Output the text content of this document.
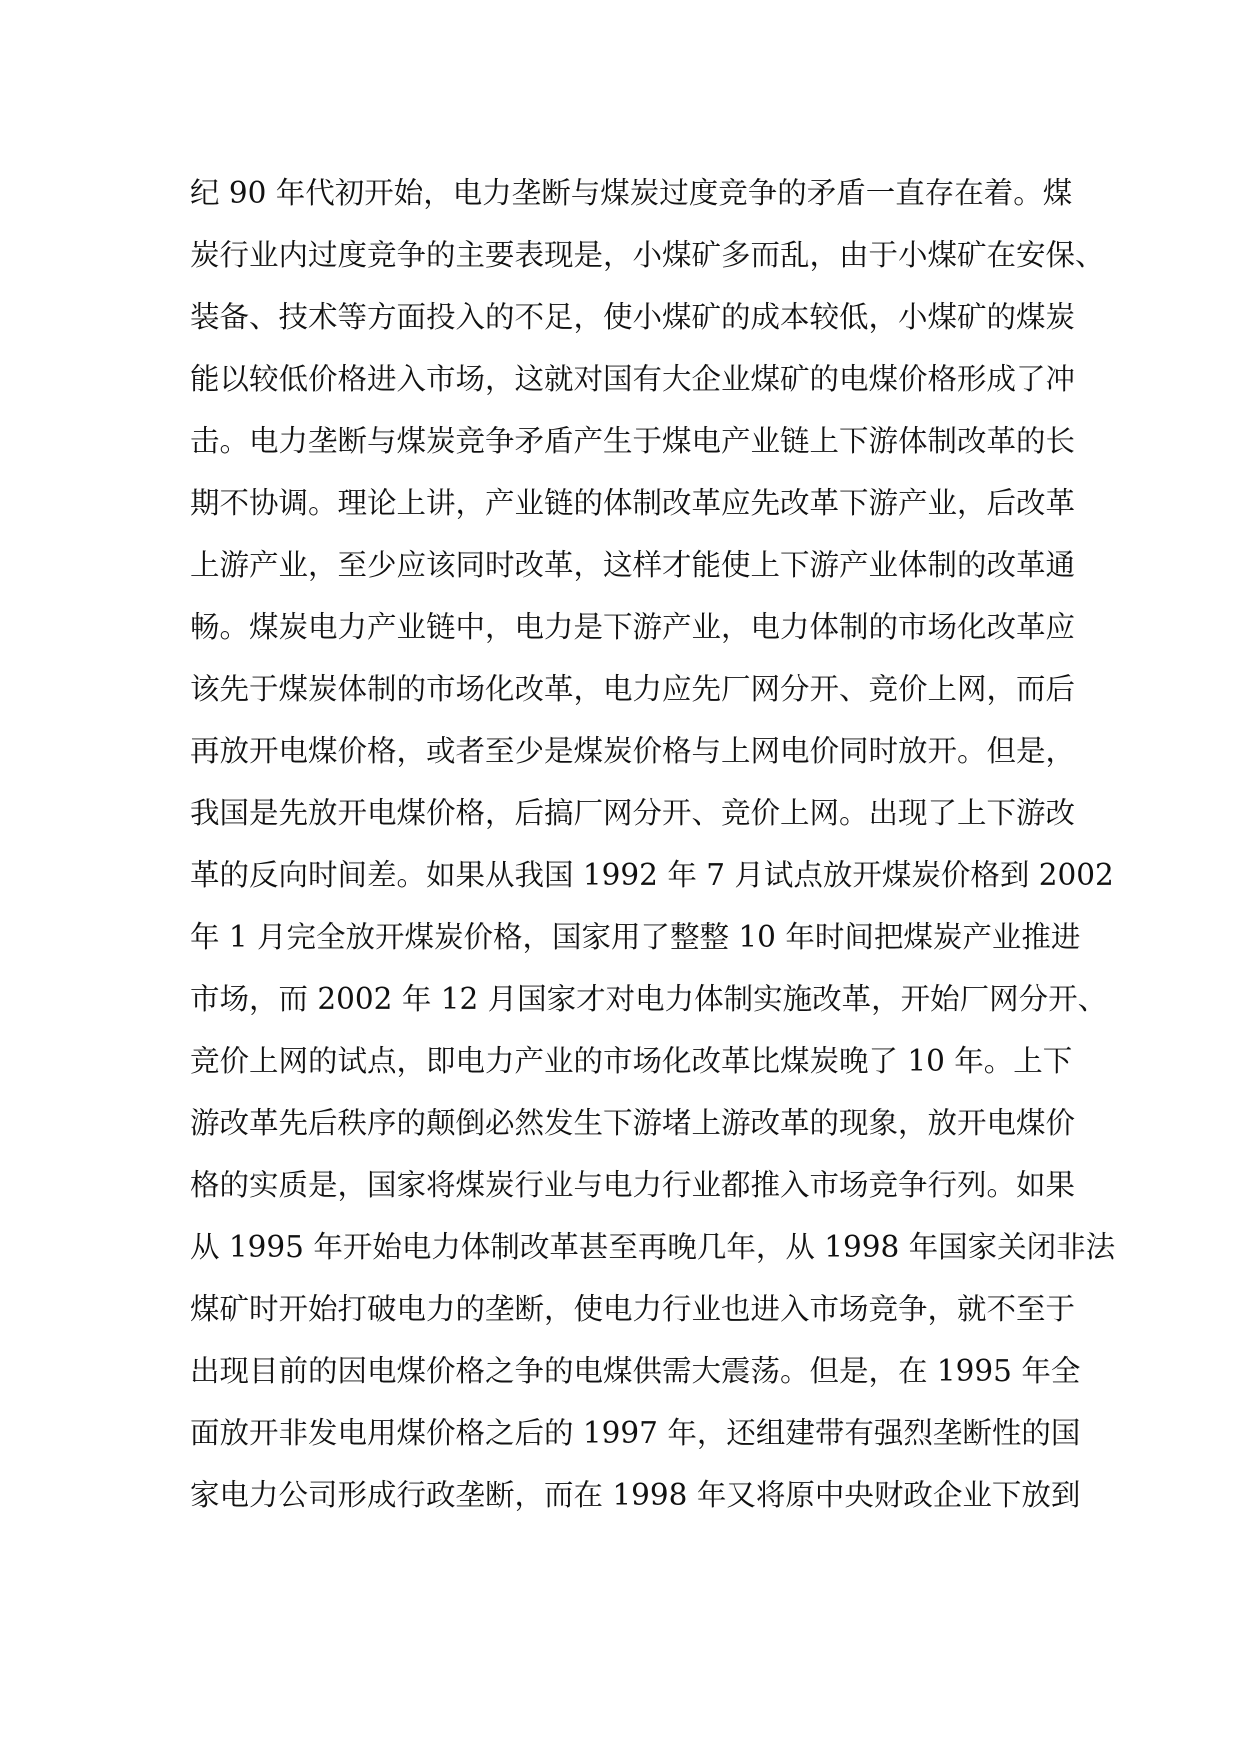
纪 90 年代初开始，电力垄断与煤炭过度竞争的矛盾一直存在着。煤
炭行业内过度竞争的主要表现是，小煤矿多而乱，由于小煤矿在安保、
装备、技术等方面投入的不足，使小煤矿的成本较低，小煤矿的煤炭
能以较低价格进入市场，这就对国有大企业煤矿的电煤价格形成了冲
击。电力垄断与煤炭竞争矛盾产生于煤电产业链上下游体制改革的长
期不协调。理论上讲，产业链的体制改革应先改革下游产业，后改革
上游产业，至少应该同时改革，这样才能使上下游产业体制的改革通
畅。煤炭电力产业链中，电力是下游产业，电力体制的市场化改革应
该先于煤炭体制的市场化改革，电力应先厂网分开、竞价上网，而后
再放开电煤价格，或者至少是煤炭价格与上网电价同时放开。但是，
我国是先放开电煤价格，后搞厂网分开、竞价上网。出现了上下游改
革的反向时间差。如果从我国 1992 年 7 月试点放开煤炭价格到 2002
年 1 月完全放开煤炭价格，国家用了整整 10 年时间把煤炭产业推进
市场，而 2002 年 12 月国家才对电力体制实施改革，开始厂网分开、
竞价上网的试点，即电力产业的市场化改革比煤炭晚了 10 年。上下
游改革先后秩序的颠倒必然发生下游堵上游改革的现象，放开电煤价
格的实质是，国家将煤炭行业与电力行业都推入市场竞争行列。如果
从 1995 年开始电力体制改革甚至再晚几年，从 1998 年国家关闭非法
煤矿时开始打破电力的垄断，使电力行业也进入市场竞争，就不至于
出现目前的因电煤价格之争的电煤供需大震荡。但是，在 1995 年全
面放开非发电用煤价格之后的 1997 年，还组建带有强烈垄断性的国
家电力公司形成行政垄断，而在 1998 年又将原中央财政企业下放到
